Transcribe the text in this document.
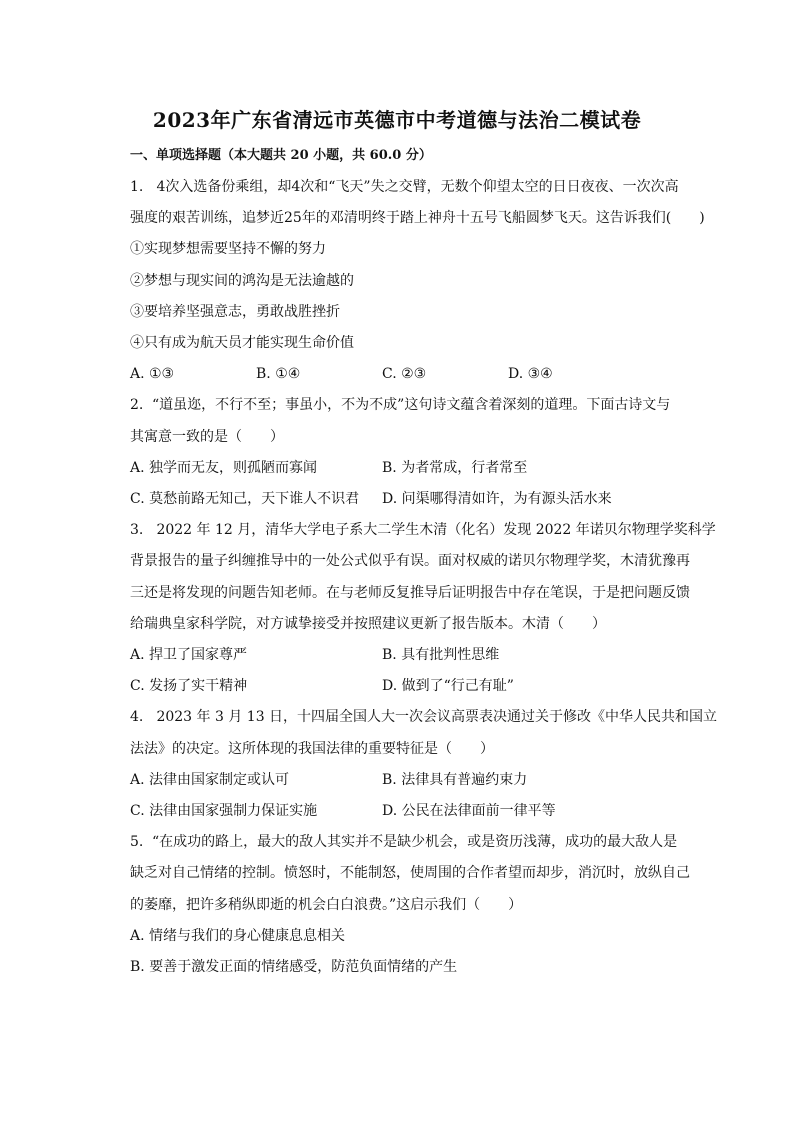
2023年广东省清远市英德市中考道德与法治二模试卷
一、单项选择题（本大题共 20 小题，共 60.0 分）
1. 4次入选备份乘组，却4次和“飞天”失之交臂，无数个仰望太空的日日夜夜、一次次高
强度的艰苦训练，追梦近25年的邓清明终于踏上神舟十五号飞船圆梦飞天。这告诉我们(　　)
①实现梦想需要坚持不懈的努力
②梦想与现实间的鸿沟是无法逾越的
③要培养坚强意志，勇敢战胜挫折
④只有成为航天员才能实现生命价值
A. ①③	B. ①④	C. ②③	D. ③④
2. “道虽迩，不行不至；事虽小，不为不成”这句诗文蕴含着深刻的道理。下面古诗文与
其寓意一致的是（　　）
A. 独学而无友，则孤陋而寡闻	B. 为者常成，行者常至
C. 莫愁前路无知己，天下谁人不识君	D. 问渠哪得清如许，为有源头活水来
3. 2022 年 12 月，清华大学电子系大二学生木清（化名）发现 2022 年诺贝尔物理学奖科学
背景报告的量子纠缠推导中的一处公式似乎有误。面对权威的诺贝尔物理学奖，木清犹豫再
三还是将发现的问题告知老师。在与老师反复推导后证明报告中存在笔误，于是把问题反馈
给瑞典皇家科学院，对方诚挚接受并按照建议更新了报告版本。木清（　　）
A. 捍卫了国家尊严	B. 具有批判性思维
C. 发扬了实干精神	D. 做到了“行己有耻”
4. 2023 年 3 月 13 日，十四届全国人大一次会议高票表决通过关于修改《中华人民共和国立
法法》的决定。这所体现的我国法律的重要特征是（　　）
A. 法律由国家制定或认可	B. 法律具有普遍约束力
C. 法律由国家强制力保证实施	D. 公民在法律面前一律平等
5. “在成功的路上，最大的敌人其实并不是缺少机会，或是资历浅薄，成功的最大敌人是
缺乏对自己情绪的控制。愤怒时，不能制怒，使周围的合作者望而却步，消沉时，放纵自己
的萎靡，把许多稍纵即逝的机会白白浪费。”这启示我们（　　）
A. 情绪与我们的身心健康息息相关
B. 要善于激发正面的情绪感受，防范负面情绪的产生
